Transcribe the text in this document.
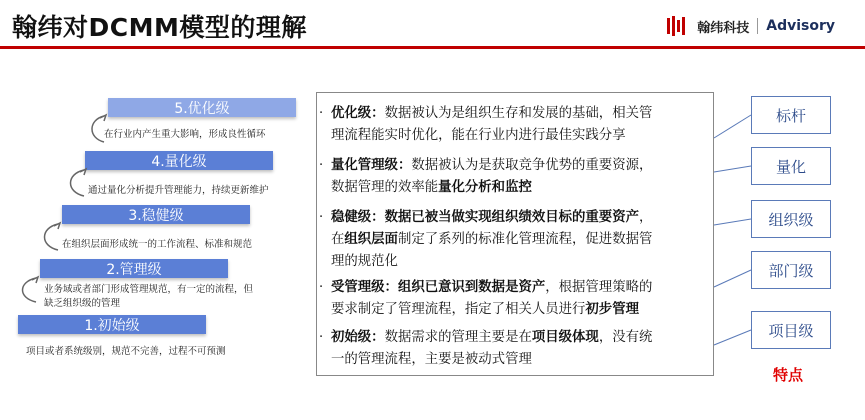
翰纬对DCMM模型的理解	翰纬科技 Advisory
5.优化级
在行业内产生重大影响，形成良性循环
4.量化级
通过量化分析提升管理能力，持续更新维护
3.稳健级
在组织层面形成统一的工作流程、标准和规范
2.管理级
业务域或者部门形成管理规范，有一定的流程，但
缺乏组织级的管理
1.初始级
项目或者系统级别，规范不完善，过程不可预测
· 优化级：数据被认为是组织生存和发展的基础，相关管
理流程能实时优化，能在行业内进行最佳实践分享
· 量化管理级：数据被认为是获取竞争优势的重要资源，
数据管理的效率能量化分析和监控
· 稳健级：数据已被当做实现组织绩效目标的重要资产，
在组织层面制定了系列的标准化管理流程，促进数据管
理的规范化
· 受管理级：组织已意识到数据是资产，根据管理策略的
要求制定了管理流程，指定了相关人员进行初步管理
· 初始级：数据需求的管理主要是在项目级体现，没有统
一的管理流程，主要是被动式管理
标杆
量化
组织级
部门级
项目级
特点
